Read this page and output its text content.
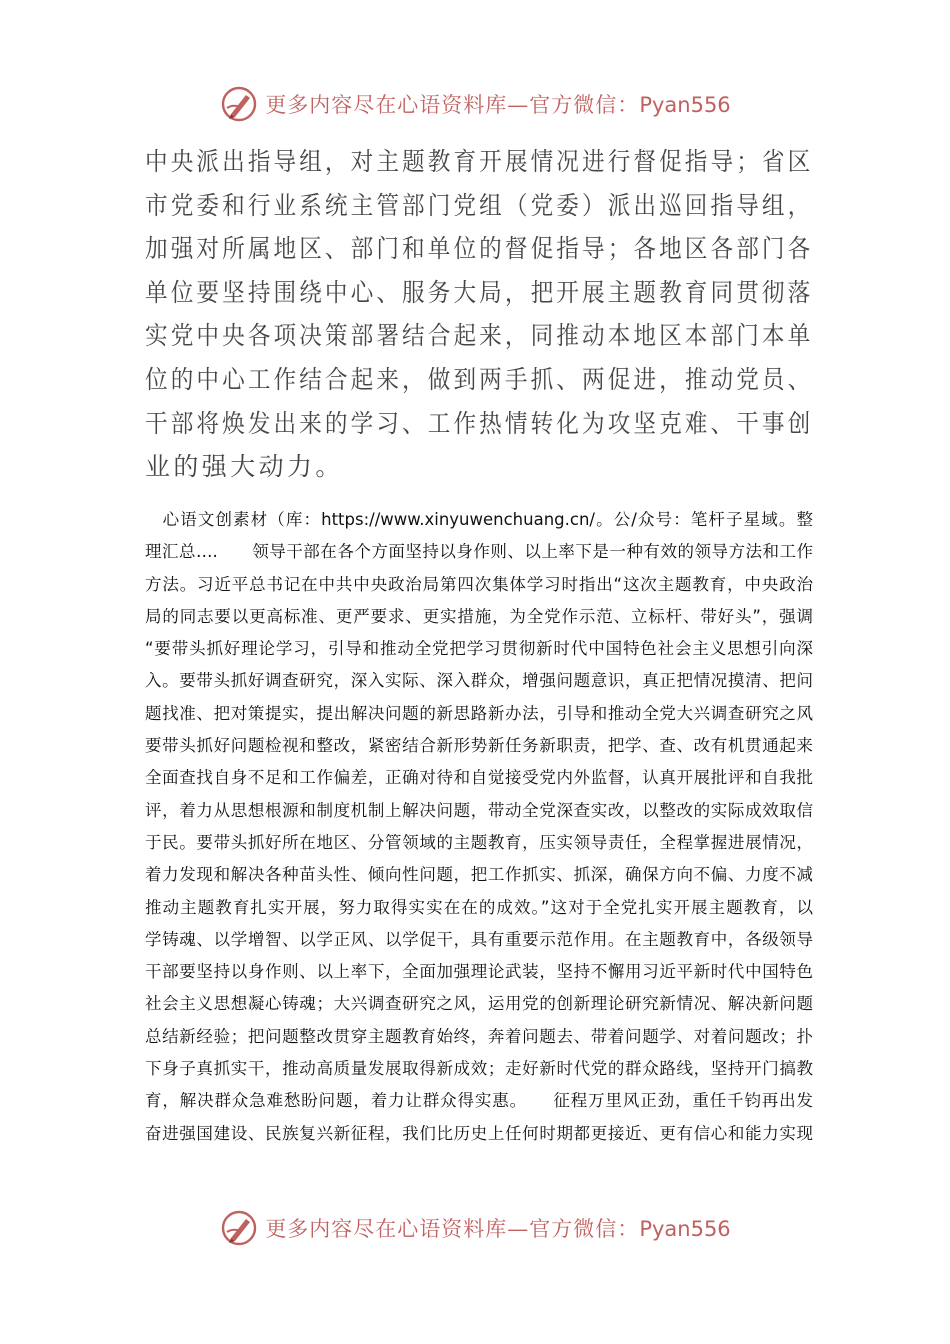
更多内容尽在心语资料库—官方微信：Pyan556
中央派出指导组，对主题教育开展情况进行督促指导；省区
市党委和行业系统主管部门党组（党委）派出巡回指导组，
加强对所属地区、部门和单位的督促指导；各地区各部门各
单位要坚持围绕中心、服务大局，把开展主题教育同贯彻落
实党中央各项决策部署结合起来，同推动本地区本部门本单
位的中心工作结合起来，做到两手抓、两促进，推动党员、
干部将焕发出来的学习、工作热情转化为攻坚克难、干事创
业的强大动力。
　心语文创素材（库：https://www.xinyuwenchuang.cn/。公/众号：笔杆子星域。整
理汇总….　　领导干部在各个方面坚持以身作则、以上率下是一种有效的领导方法和工作
方法。习近平总书记在中共中央政治局第四次集体学习时指出“这次主题教育，中央政治
局的同志要以更高标准、更严要求、更实措施，为全党作示范、立标杆、带好头”，强调
“要带头抓好理论学习，引导和推动全党把学习贯彻新时代中国特色社会主义思想引向深
入。要带头抓好调查研究，深入实际、深入群众，增强问题意识，真正把情况摸清、把问
题找准、把对策提实，提出解决问题的新思路新办法，引导和推动全党大兴调查研究之风
要带头抓好问题检视和整改，紧密结合新形势新任务新职责，把学、查、改有机贯通起来
全面查找自身不足和工作偏差，正确对待和自觉接受党内外监督，认真开展批评和自我批
评，着力从思想根源和制度机制上解决问题，带动全党深查实改，以整改的实际成效取信
于民。要带头抓好所在地区、分管领域的主题教育，压实领导责任，全程掌握进展情况，
着力发现和解决各种苗头性、倾向性问题，把工作抓实、抓深，确保方向不偏、力度不减
推动主题教育扎实开展，努力取得实实在在的成效。”这对于全党扎实开展主题教育，以
学铸魂、以学增智、以学正风、以学促干，具有重要示范作用。在主题教育中，各级领导
干部要坚持以身作则、以上率下，全面加强理论武装，坚持不懈用习近平新时代中国特色
社会主义思想凝心铸魂；大兴调查研究之风，运用党的创新理论研究新情况、解决新问题
总结新经验；把问题整改贯穿主题教育始终，奔着问题去、带着问题学、对着问题改；扑
下身子真抓实干，推动高质量发展取得新成效；走好新时代党的群众路线，坚持开门搞教
育，解决群众急难愁盼问题，着力让群众得实惠。　　征程万里风正劲，重任千钧再出发
奋进强国建设、民族复兴新征程，我们比历史上任何时期都更接近、更有信心和能力实现
更多内容尽在心语资料库—官方微信：Pyan556
